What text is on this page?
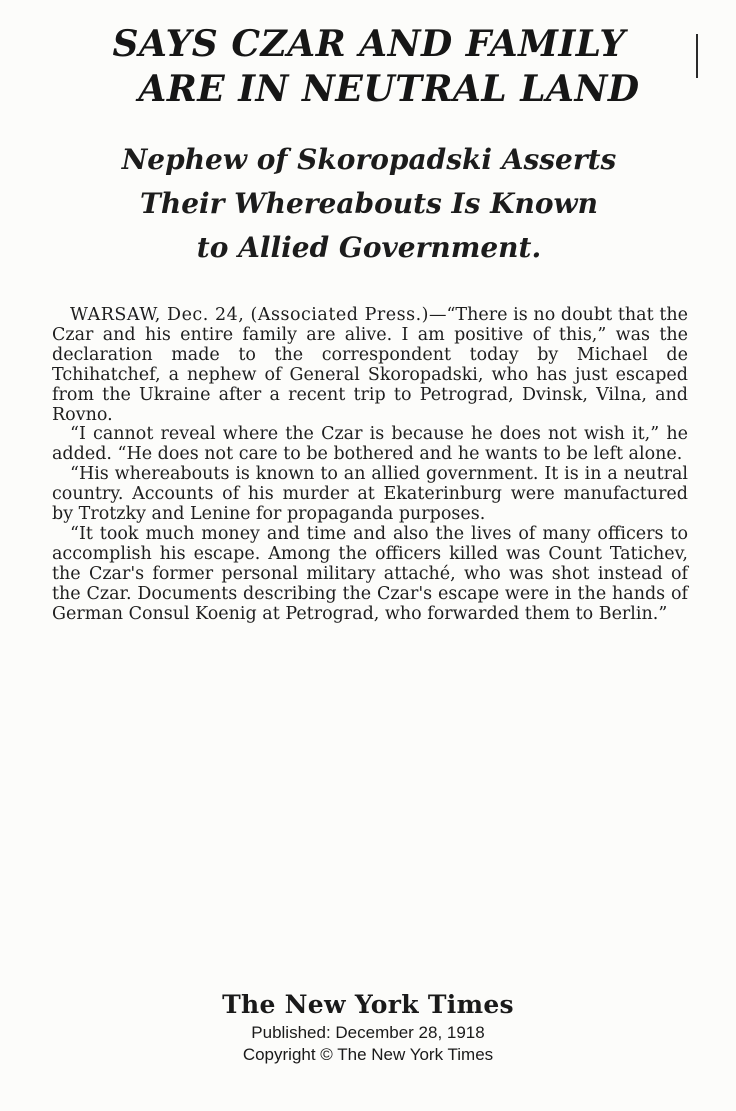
SAYS CZAR AND FAMILY
ARE IN NEUTRAL LAND
Nephew of Skoropadski Asserts
Their Whereabouts Is Known
to Allied Government.

WARSAW, Dec. 24, (Associated Press.)—“There is no doubt that the Czar and his entire family are alive. I am positive of this,” was the declaration made to the correspondent today by Michael de Tchihatchef, a nephew of General Skoropadski, who has just escaped from the Ukraine after a recent trip to Petrograd, Dvinsk, Vilna, and Rovno.

“I cannot reveal where the Czar is because he does not wish it,” he added. “He does not care to be bothered and he wants to be left alone.

“His whereabouts is known to an allied government. It is in a neutral country. Accounts of his murder at Ekaterinburg were manufactured by Trotzky and Lenine for propaganda purposes.

“It took much money and time and also the lives of many officers to accomplish his escape. Among the officers killed was Count Tatichev, the Czar's former personal military attaché, who was shot instead of the Czar. Documents describing the Czar's escape were in the hands of German Consul Koenig at Petrograd, who forwarded them to Berlin.”

The New York Times
Published: December 28, 1918
Copyright © The New York Times
